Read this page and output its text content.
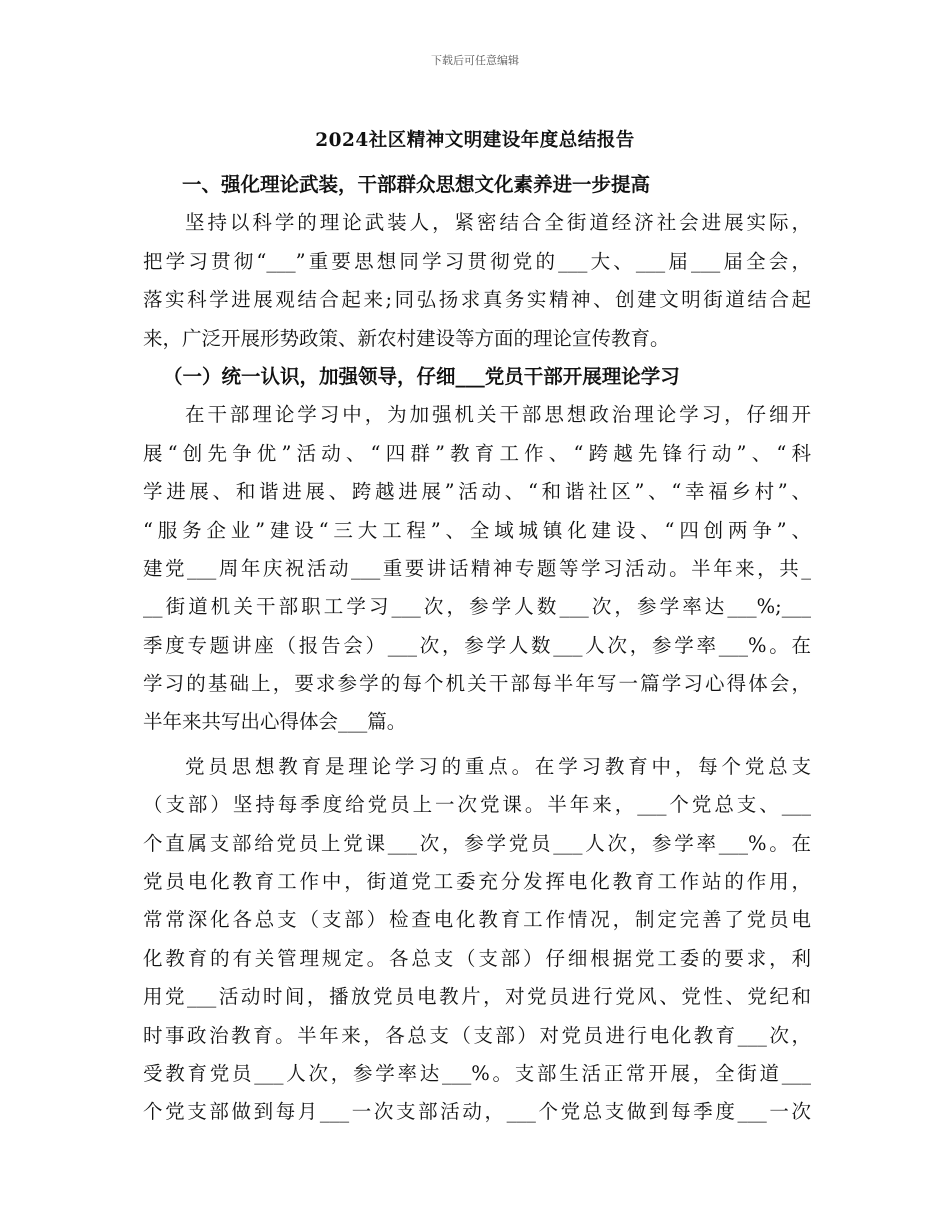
下载后可任意编辑
2024社区精神文明建设年度总结报告
一、强化理论武装，干部群众思想文化素养进一步提高
坚持以科学的理论武装人，紧密结合全街道经济社会进展实际，
把学习贯彻“___”重要思想同学习贯彻党的___大、___届___届全会，
落实科学进展观结合起来;同弘扬求真务实精神、创建文明街道结合起
来，广泛开展形势政策、新农村建设等方面的理论宣传教育。
（一）统一认识，加强领导，仔细___党员干部开展理论学习
在干部理论学习中，为加强机关干部思想政治理论学习，仔细开
展“创先争优”活动、“四群”教育工作、“跨越先锋行动”、“科
学进展、和谐进展、跨越进展”活动、“和谐社区”、“幸福乡村”、
“服务企业”建设“三大工程”、全域城镇化建设、“四创两争”、
建党___周年庆祝活动___重要讲话精神专题等学习活动。半年来，共_
__街道机关干部职工学习___次，参学人数___次，参学率达___%;___
季度专题讲座（报告会）___次，参学人数___人次，参学率___%。在
学习的基础上，要求参学的每个机关干部每半年写一篇学习心得体会，
半年来共写出心得体会___篇。
党员思想教育是理论学习的重点。在学习教育中，每个党总支
（支部）坚持每季度给党员上一次党课。半年来，___个党总支、___
个直属支部给党员上党课___次，参学党员___人次，参学率___%。在
党员电化教育工作中，街道党工委充分发挥电化教育工作站的作用，
常常深化各总支（支部）检查电化教育工作情况，制定完善了党员电
化教育的有关管理规定。各总支（支部）仔细根据党工委的要求，利
用党___活动时间，播放党员电教片，对党员进行党风、党性、党纪和
时事政治教育。半年来，各总支（支部）对党员进行电化教育___次，
受教育党员___人次，参学率达___%。支部生活正常开展，全街道___
个党支部做到每月___一次支部活动，___个党总支做到每季度___一次
